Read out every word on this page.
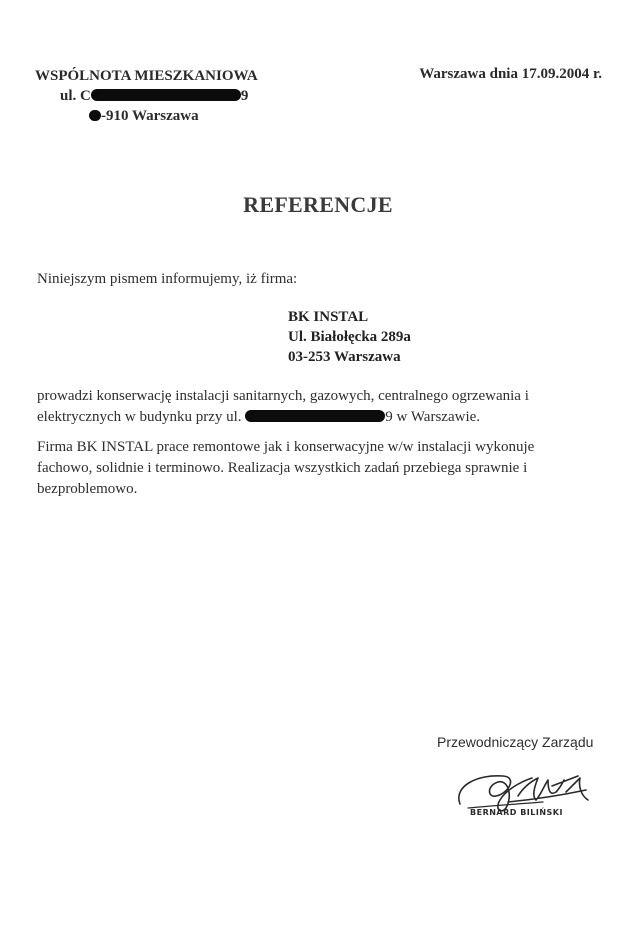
WSPÓLNOTA MIESZKANIOWA
ul. C	9
-910 Warszawa
Warszawa dnia 17.09.2004 r.
REFERENCJE
Niniejszym pismem informujemy, iż firma:
BK INSTAL
Ul. Białołęcka 289a
03-253 Warszawa
prowadzi konserwację instalacji sanitarnych, gazowych, centralnego ogrzewania i
elektrycznych w budynku przy ul.	9 w Warszawie.
Firma BK INSTAL prace remontowe jak i konserwacyjne w/w instalacji wykonuje
fachowo, solidnie i terminowo. Realizacja wszystkich zadań przebiega sprawnie i
bezproblemowo.
Przewodniczący Zarządu
BERNARD BILIŃSKI
